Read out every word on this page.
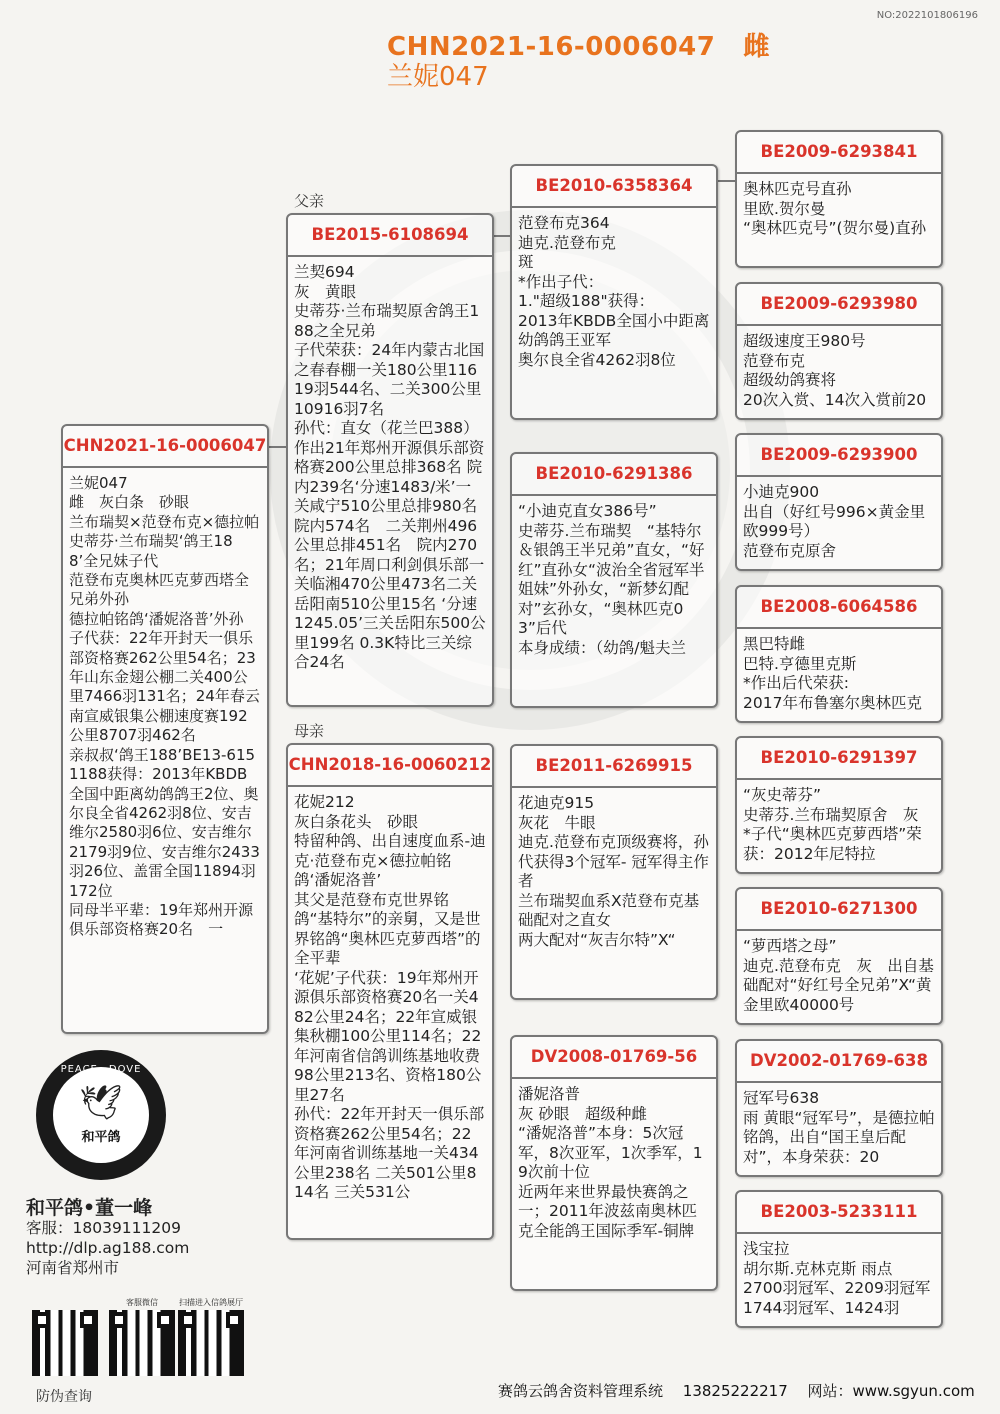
NO:2022101806196
CHN2021-16-0006047 雌
兰妮047
CHN2021-16-0006047
兰妮047
雌　灰白条　砂眼
兰布瑞契×范登布克×德拉帕
史蒂芬·兰布瑞契‘鸽王188’全兄妹子代
范登布克奥林匹克萝西塔全兄弟外孙
德拉帕铭鸽‘潘妮洛普’外孙
子代获：22年开封天一俱乐部资格赛262公里54名；23年山东金翅公棚二关400公里7466羽131名；24年春云南宣威银集公棚速度赛192公里8707羽462名
亲叔叔‘鸽王188’BE13-6151188获得：2013年KBDB全国中距离幼鸽鸽王2位、奥尔良全省4262羽8位、安吉维尔2580羽6位、安吉维尔2179羽9位、安吉维尔2433羽26位、盖雷全国11894羽172位
同母半平辈：19年郑州开源俱乐部资格赛20名　一
父亲
母亲
BE2015-6108694
兰契694
灰　黄眼
史蒂芬·兰布瑞契原舍鸽王188之全兄弟
子代荣获：24年内蒙古北国之春春棚一关180公里11619羽544名、二关300公里10916羽7名
孙代：直女（花兰巴388）作出21年郑州开源俱乐部资格赛200公里总排368名 院内239名‘分速1483/米’一关咸宁510公里总排980名 院内574名　二关荆州496公里总排451名　院内270名；21年周口利剑俱乐部一关临湘470公里473名二关岳阳南510公里15名 ‘分速1245.05’三关岳阳东500公里199名 0.3K特比三关综合24名
CHN2018-16-0060212
花妮212
灰白条花头　砂眼
特留种鸽、出自速度血系-迪克·范登布克×德拉帕铭鸽‘潘妮洛普’
其父是范登布克世界铭鸽“基特尔”的亲舅，又是世界铭鸽“奥林匹克萝西塔”的全平辈
‘花妮’子代获：19年郑州开源俱乐部资格赛20名一关482公里24名；22年宣威银集秋棚100公里114名；22年河南省信鸽训练基地收费98公里213名、资格180公里27名
孙代：22年开封天一俱乐部资格赛262公里54名；22年河南省训练基地一关434公里238名 二关501公里814名 三关531公
BE2010-6358364
范登布克364
迪克.范登布克
斑
*作出子代：
1."超级188"获得：
2013年KBDB全国小中距离幼鸽鸽王亚军
奥尔良全省4262羽8位
BE2010-6291386
“小迪克直女386号”
史蒂芬.兰布瑞契　“基特尔＆银鸽王半兄弟”直女，“好红”直孙女“波治全省冠军半姐妹”外孙女，“新梦幻配对”玄孙女，“奥林匹克03”后代
本身成绩：（幼鸽/魁夫兰
BE2011-6269915
花迪克915
灰花　牛眼
迪克.范登布克顶级赛将，孙代获得3个冠军- 冠军得主作者
兰布瑞契血系X范登布克基础配对之直女
两大配对“灰吉尔特”X“
DV2008-01769-56
潘妮洛普
灰 砂眼　超级种雌
“潘妮洛普”本身：5次冠军，8次亚军，1次季军，19次前十位
近两年来世界最快赛鸽之一；2011年波兹南奥林匹克全能鸽王国际季军-铜牌
BE2009-6293841
奥林匹克号直孙
里欧.贺尔曼
“奥林匹克号”(贺尔曼)直孙
BE2009-6293980
超级速度王980号
范登布克
超级幼鸽赛将
20次入赏、14次入赏前20
BE2009-6293900
小迪克900
出自（好红号996×黄金里欧999号）
范登布克原舍
BE2008-6064586
黑巴特雌
巴特.亨德里克斯
*作出后代荣获:
2017年布鲁塞尔奥林匹克
BE2010-6291397
“灰史蒂芬”
史蒂芬.兰布瑞契原舍　灰
*子代“奥林匹克萝西塔”荣获：2012年尼特拉
BE2010-6271300
“萝西塔之母”
迪克.范登布克　灰　出自基础配对“好红号全兄弟”X“黄金里欧40000号
DV2002-01769-638
冠军号638
雨 黄眼“冠军号”，是德拉帕铭鸽，出自“国王皇后配对”，本身荣获：20
BE2003-5233111
浅宝拉
胡尔斯.克林克斯 雨点
2700羽冠军、2209羽冠军 1744羽冠军、1424羽
PEACE　DOVE
🕊
和平鸽
和平鸽•董一峰
客服：18039111209
http://dlp.ag188.com
河南省郑州市
客服微信	扫描进入信鸽展厅
防伪查询	赛鸽云鸽舍资料管理系统　 13825222217　 网站：www.sgyun.com
